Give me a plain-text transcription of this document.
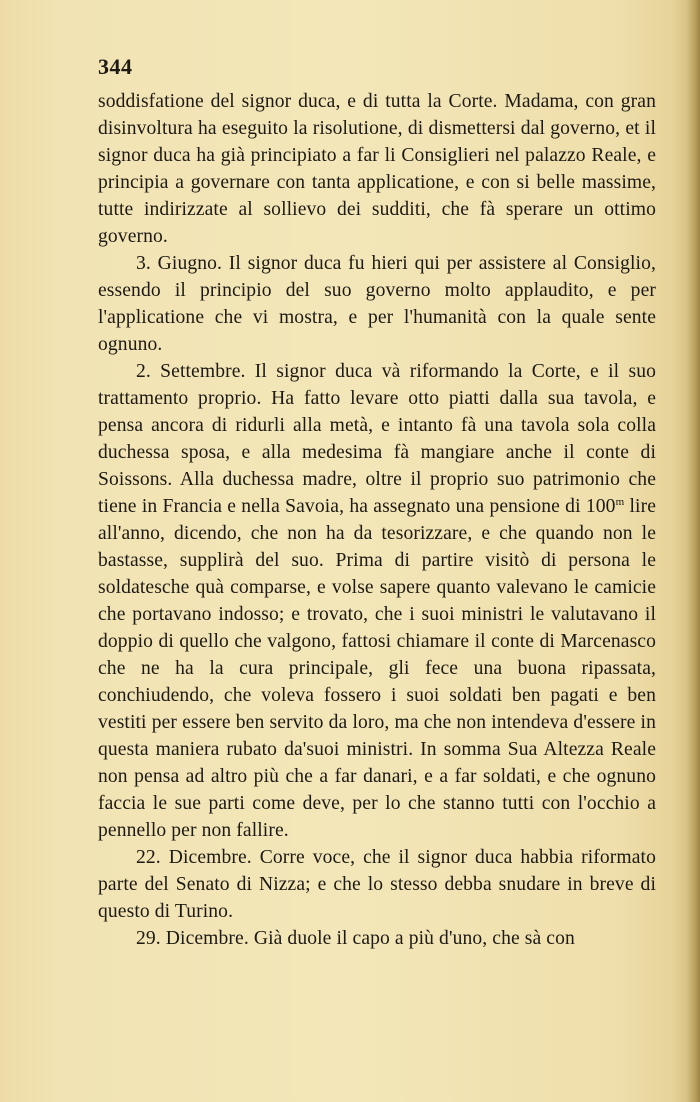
344

soddisfatione del signor duca, e di tutta la Corte. Madama, con gran disinvoltura ha eseguito la risolutione, di dismettersi dal governo, et il signor duca ha già principiato a far li Consiglieri nel palazzo Reale, e principia a governare con tanta applicatione, e con si belle massime, tutte indirizzate al sollievo dei sudditi, che fà sperare un ottimo governo.

3. Giugno. Il signor duca fu hieri qui per assistere al Consiglio, essendo il principio del suo governo molto applaudito, e per l'applicatione che vi mostra, e per l'humanità con la quale sente ognuno.

2. Settembre. Il signor duca và riformando la Corte, e il suo trattamento proprio. Ha fatto levare otto piatti dalla sua tavola, e pensa ancora di ridurli alla metà, e intanto fà una tavola sola colla duchessa sposa, e alla medesima fà mangiare anche il conte di Soissons. Alla duchessa madre, oltre il proprio suo patrimonio che tiene in Francia e nella Savoia, ha assegnato una pensione di 100$^m$ lire all'anno, dicendo, che non ha da tesorizzare, e che quando non le bastasse, supplirà del suo. Prima di partire visitò di persona le soldatesche quà comparse, e volse sapere quanto valevano le camicie che portavano indosso; e trovato, che i suoi ministri le valutavano il doppio di quello che valgono, fattosi chiamare il conte di Marcenasco che ne ha la cura principale, gli fece una buona ripassata, conchiudendo, che voleva fossero i suoi soldati ben pagati e ben vestiti per essere ben servito da loro, ma che non intendeva d'essere in questa maniera rubato da'suoi ministri. In somma Sua Altezza Reale non pensa ad altro più che a far danari, e a far soldati, e che ognuno faccia le sue parti come deve, per lo che stanno tutti con l'occhio a pennello per non fallire.

22. Dicembre. Corre voce, che il signor duca habbia riformato parte del Senato di Nizza; e che lo stesso debba snudare in breve di questo di Turino.

29. Dicembre. Già duole il capo a più d'uno, che sà con
